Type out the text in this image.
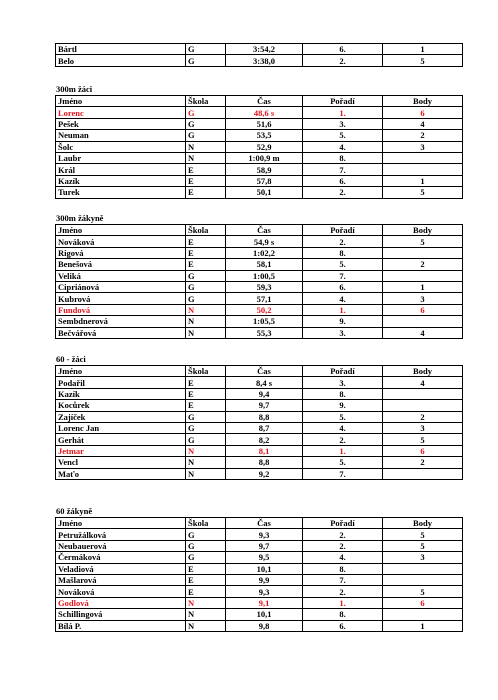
Bártl	G	3:54,2	6.	1
Belo	G	3:38,0	2.	5
300m žáci
Jméno	Škola	Čas	Pořadí	Body
Lorenc	G	48,6 s	1.	6
Pešek	G	51,6	3.	4
Neuman	G	53,5	5.	2
Šolc	N	52,9	4.	3
Laubr	N	1:00,9 m	8.	
Král	E	58,9	7.	
Kazík	E	57,8	6.	1
Turek	E	50,1	2.	5
300m žákyně
Jméno	Škola	Čas	Pořadí	Body
Nováková	E	54,9 s	2.	5
Rigová	E	1:02,2	8.	
Benešová	E	58,1	5.	2
Veliká	G	1:00,5	7.	
Cipriánová	G	59,3	6.	1
Kubrová	G	57,1	4.	3
Fundová	N	50,2	1.	6
Sembdnerová	N	1:05,5	9.	
Bečvářová	N	55,3	3.	4
60 - žáci
Jméno	Škola	Čas	Pořadí	Body
Podařil	E	8,4 s	3.	4
Kazík	E	9,4	8.	
Kocůrek	E	9,7	9.	
Zajíček	G	8,8	5.	2
Lorenc Jan	G	8,7	4.	3
Gerhát	G	8,2	2.	5
Jetmar	N	8,1	1.	6
Vencl	N	8,8	5.	2
Maťo	N	9,2	7.	
60 žákyně
Jméno	Škola	Čas	Pořadí	Body
Petružálková	G	9,3	2.	5
Neubauerová	G	9,7	2.	5
Čermáková	G	9,5	4.	3
Veladiová	E	10,1	8.	
Mašlarová	E	9,9	7.	
Nováková	E	9,3	2.	5
Godlová	N	9,1	1.	6
Schillingová	N	10,1	8.	
Bílá P.	N	9,8	6.	1
